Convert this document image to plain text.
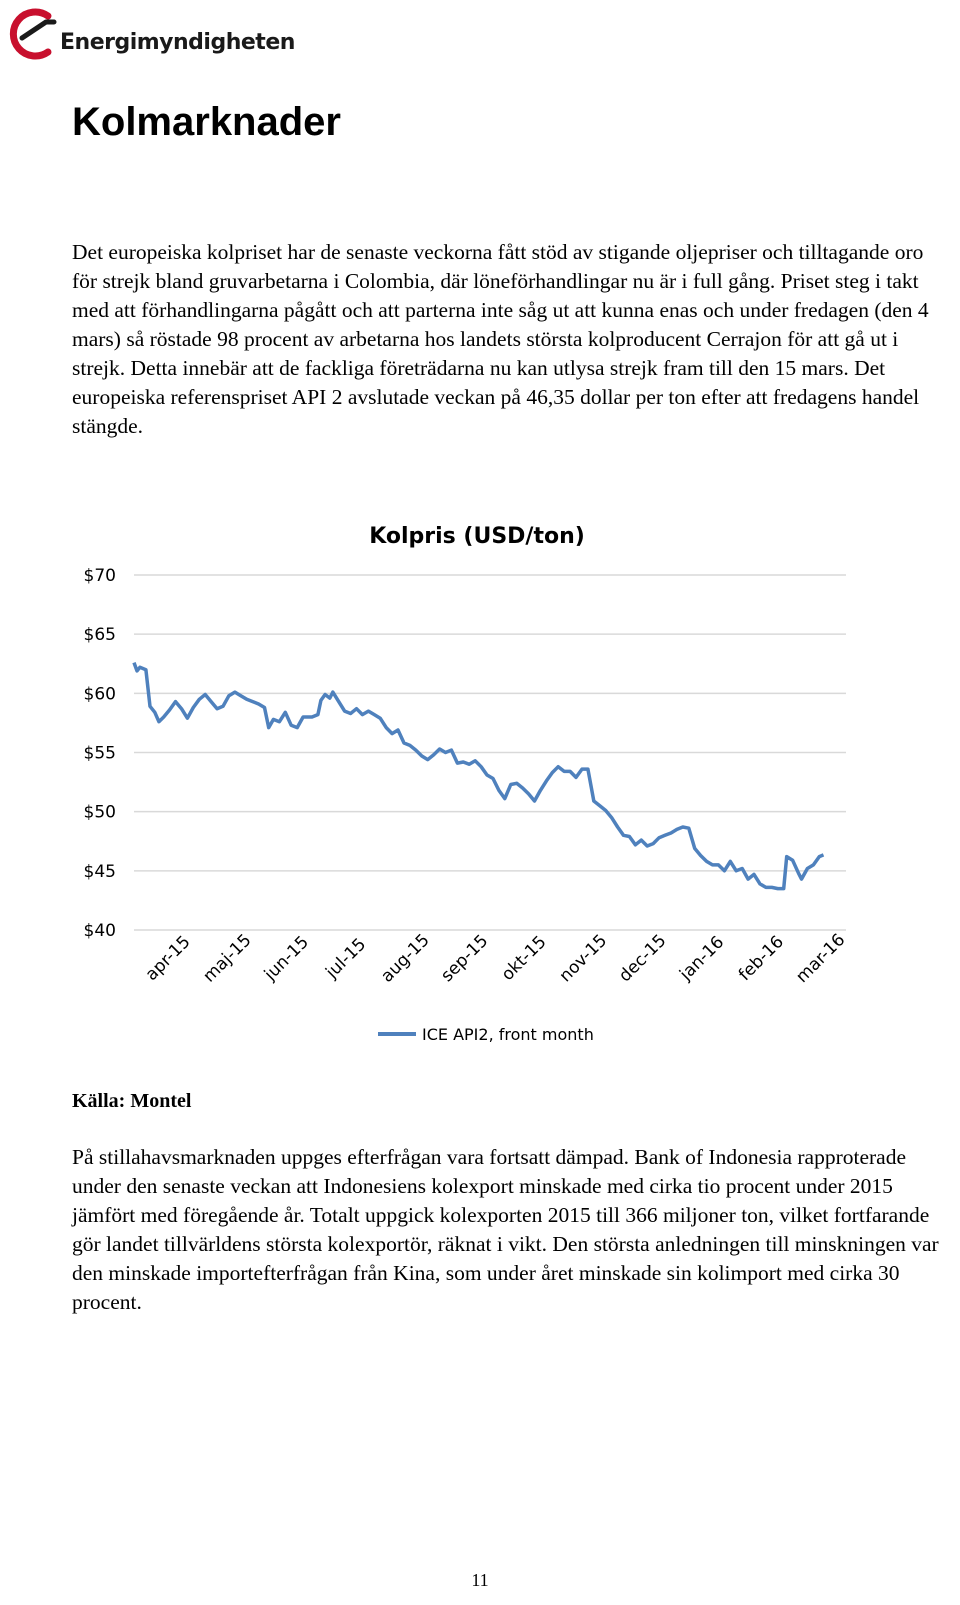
Energimyndigheten
Kolmarknader

Det europeiska kolpriset har de senaste veckorna fått stöd av stigande oljepriser och tilltagande oro för strejk bland gruvarbetarna i Colombia, där löneförhandlingar nu är i full gång. Priset steg i takt med att förhandlingarna pågått och att parterna inte såg ut att kunna enas och under fredagen (den 4 mars) så röstade 98 procent av arbetarna hos landets största kolproducent Cerrajon för att gå ut i strejk. Detta innebär att de fackliga företrädarna nu kan utlysa strejk fram till den 15 mars. Det europeiska referenspriset API 2 avslutade veckan på 46,35 dollar per ton efter att fredagens handel stängde.

Kolpris (USD/ton)
$70
$65
$60
$55
$50
$45
$40
apr-15 maj-15 jun-15 jul-15 aug-15 sep-15 okt-15 nov-15 dec-15 jan-16 feb-16 mar-16
ICE API2, front month

Källa: Montel

På stillahavsmarknaden uppges efterfrågan vara fortsatt dämpad. Bank of Indonesia rapproterade under den senaste veckan att Indonesiens kolexport minskade med cirka tio procent under 2015 jämfört med föregående år. Totalt uppgick kolexporten 2015 till 366 miljoner ton, vilket fortfarande gör landet tillvärldens största kolexportör, räknat i vikt. Den största anledningen till minskningen var den minskade importefterfrågan från Kina, som under året minskade sin kolimport med cirka 30 procent.

11
